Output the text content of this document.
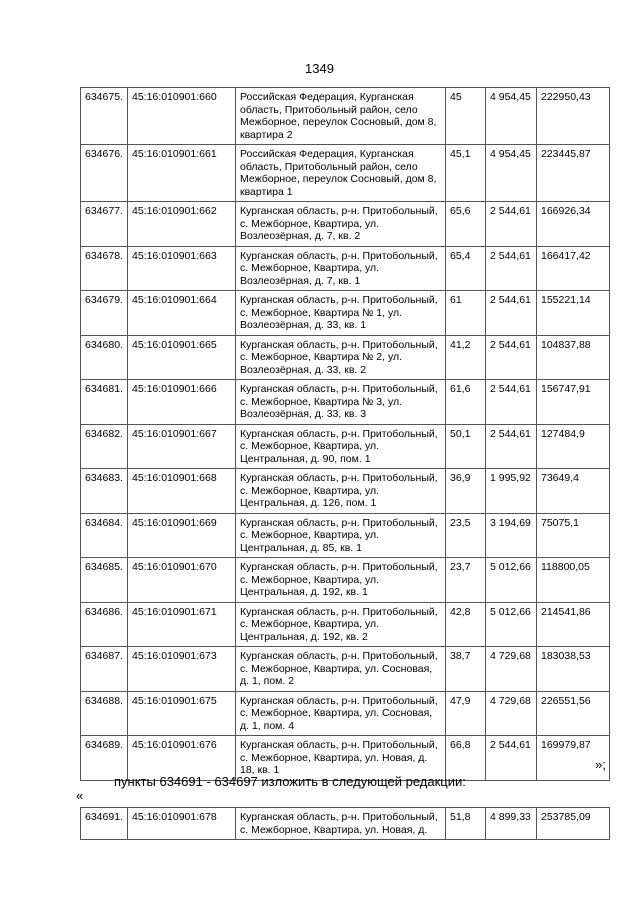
1349
634675.	45:16:010901:660	Российская Федерация, Курганская область, Притобольный район, село Межборное, переулок Сосновый, дом 8, квартира 2	45	4 954,45	222950,43
634676.	45:16:010901:661	Российская Федерация, Курганская область, Притобольный район, село Межборное, переулок Сосновый, дом 8, квартира 1	45,1	4 954,45	223445,87
634677.	45:16:010901:662	Курганская область, р-н. Притобольный, с. Межборное, Квартира, ул. Возлеозёрная, д. 7, кв. 2	65,6	2 544,61	166926,34
634678.	45:16:010901:663	Курганская область, р-н. Притобольный, с. Межборное, Квартира, ул. Возлеозёрная, д. 7, кв. 1	65,4	2 544,61	166417,42
634679.	45:16:010901:664	Курганская область, р-н. Притобольный, с. Межборное, Квартира № 1, ул. Возлеозёрная, д. 33, кв. 1	61	2 544,61	155221,14
634680.	45:16:010901:665	Курганская область, р-н. Притобольный, с. Межборное, Квартира № 2, ул. Возлеозёрная, д. 33, кв. 2	41,2	2 544,61	104837,88
634681.	45:16:010901:666	Курганская область, р-н. Притобольный, с. Межборное, Квартира № 3, ул. Возлеозёрная, д. 33, кв. 3	61,6	2 544,61	156747,91
634682.	45:16:010901:667	Курганская область, р-н. Притобольный, с. Межборное, Квартира, ул. Центральная, д. 90, пом. 1	50,1	2 544,61	127484,9
634683.	45:16:010901:668	Курганская область, р-н. Притобольный, с. Межборное, Квартира, ул. Центральная, д. 126, пом. 1	36,9	1 995,92	73649,4
634684.	45:16:010901:669	Курганская область, р-н. Притобольный, с. Межборное, Квартира, ул. Центральная, д. 85, кв. 1	23,5	3 194,69	75075,1
634685.	45:16:010901:670	Курганская область, р-н. Притобольный, с. Межборное, Квартира, ул. Центральная, д. 192, кв. 1	23,7	5 012,66	118800,05
634686.	45:16:010901:671	Курганская область, р-н. Притобольный, с. Межборное, Квартира, ул. Центральная, д. 192, кв. 2	42,8	5 012,66	214541,86
634687.	45:16:010901:673	Курганская область, р-н. Притобольный, с. Межборное, Квартира, ул. Сосновая, д. 1, пом. 2	38,7	4 729,68	183038,53
634688.	45:16:010901:675	Курганская область, р-н. Притобольный, с. Межборное, Квартира, ул. Сосновая, д. 1, пом. 4	47,9	4 729,68	226551,56
634689.	45:16:010901:676	Курганская область, р-н. Притобольный, с. Межборное, Квартира, ул. Новая, д. 18, кв. 1	66,8	2 544,61	169979,87
»;
пункты 634691 - 634697 изложить в следующей редакции:
«
634691.	45:16:010901:678	Курганская область, р-н. Притобольный, с. Межборное, Квартира, ул. Новая, д.	51,8	4 899,33	253785,09
